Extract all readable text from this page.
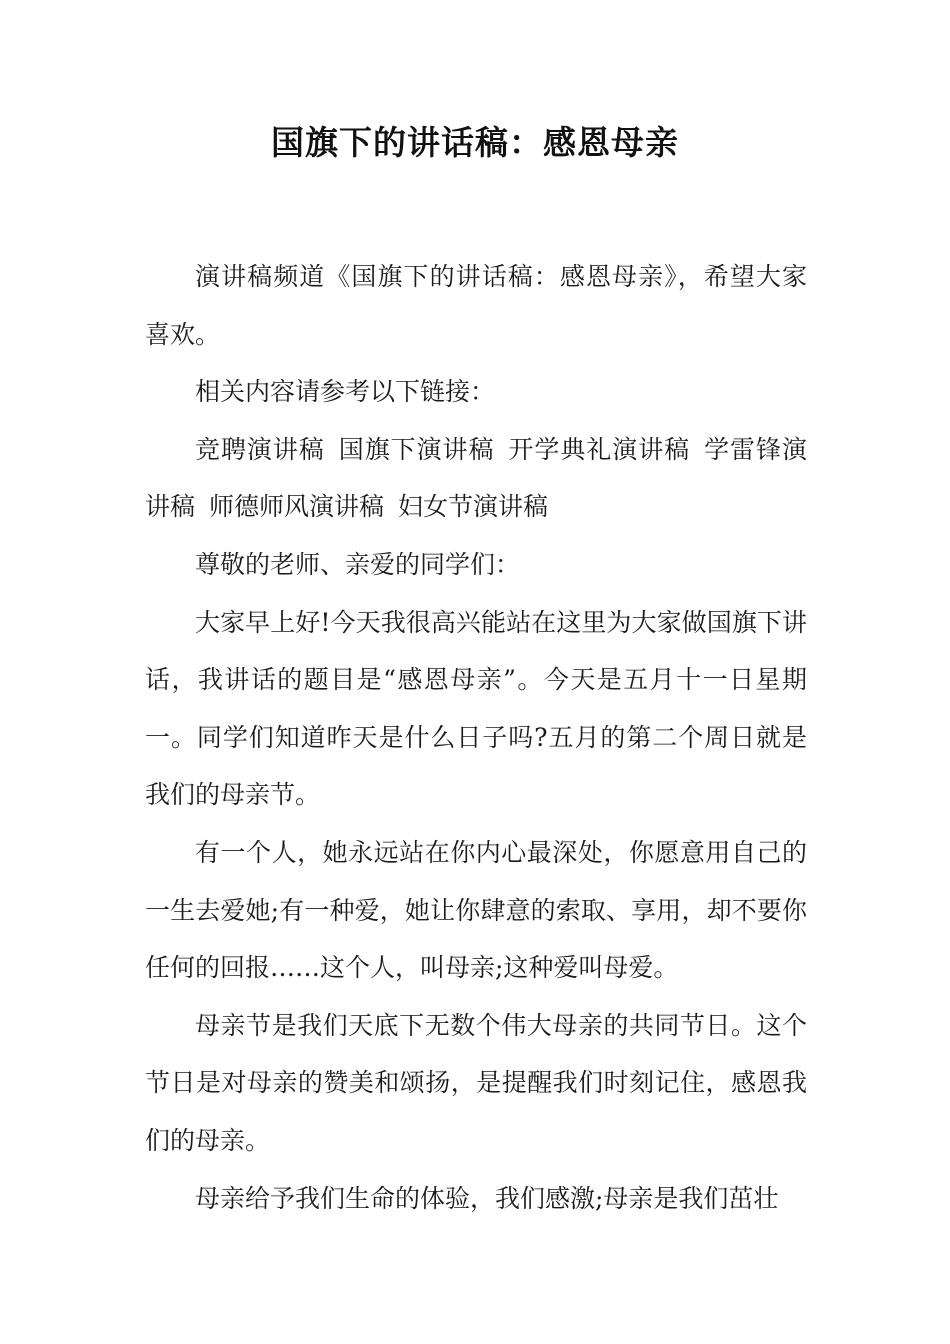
国旗下的讲话稿：感恩母亲

演讲稿频道《国旗下的讲话稿：感恩母亲》，希望大家喜欢。

相关内容请参考以下链接：

竞聘演讲稿 国旗下演讲稿 开学典礼演讲稿 学雷锋演讲稿 师德师风演讲稿 妇女节演讲稿

尊敬的老师、亲爱的同学们：

大家早上好!今天我很高兴能站在这里为大家做国旗下讲话，我讲话的题目是“感恩母亲”。今天是五月十一日星期一。同学们知道昨天是什么日子吗?五月的第二个周日就是我们的母亲节。

有一个人，她永远站在你内心最深处，你愿意用自己的一生去爱她;有一种爱，她让你肆意的索取、享用，却不要你任何的回报……这个人，叫母亲;这种爱叫母爱。

母亲节是我们天底下无数个伟大母亲的共同节日。这个节日是对母亲的赞美和颂扬，是提醒我们时刻记住，感恩我们的母亲。

母亲给予我们生命的体验，我们感激;母亲是我们茁壮
